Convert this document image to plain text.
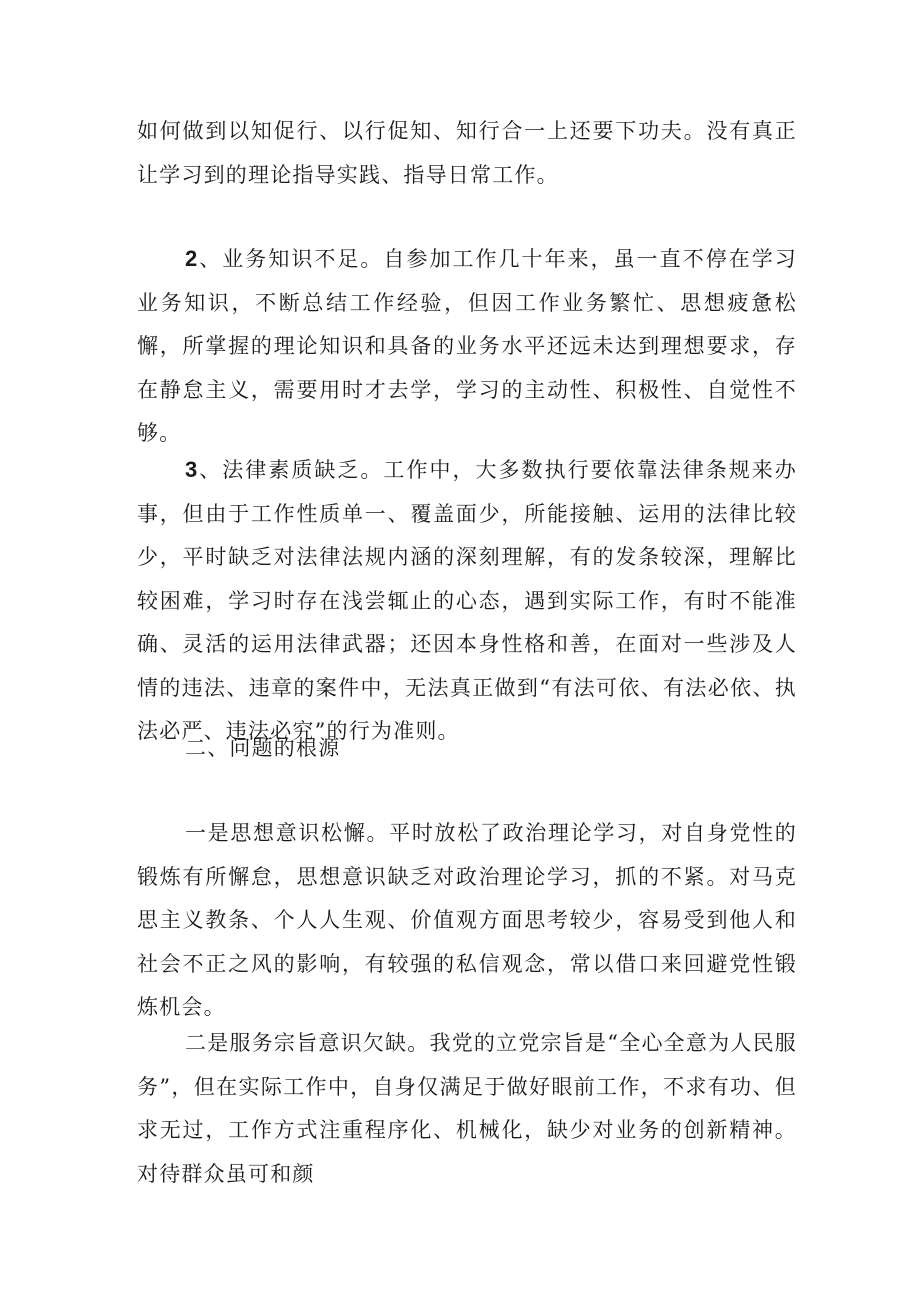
如何做到以知促行、以行促知、知行合一上还要下功夫。没有真正让学习到的理论指导实践、指导日常工作。

2、业务知识不足。自参加工作几十年来，虽一直不停在学习业务知识，不断总结工作经验，但因工作业务繁忙、思想疲惫松懈，所掌握的理论知识和具备的业务水平还远未达到理想要求，存在静怠主义，需要用时才去学，学习的主动性、积极性、自觉性不够。

3、法律素质缺乏。工作中，大多数执行要依靠法律条规来办事，但由于工作性质单一、覆盖面少，所能接触、运用的法律比较少，平时缺乏对法律法规内涵的深刻理解，有的发条较深，理解比较困难，学习时存在浅尝辄止的心态，遇到实际工作，有时不能准确、灵活的运用法律武器；还因本身性格和善，在面对一些涉及人情的违法、违章的案件中，无法真正做到“有法可依、有法必依、执法必严、违法必究”的行为准则。

二、问题的根源

一是思想意识松懈。平时放松了政治理论学习，对自身党性的锻炼有所懈怠，思想意识缺乏对政治理论学习，抓的不紧。对马克思主义教条、个人人生观、价值观方面思考较少，容易受到他人和社会不正之风的影响，有较强的私信观念，常以借口来回避党性锻炼机会。

二是服务宗旨意识欠缺。我党的立党宗旨是“全心全意为人民服务”，但在实际工作中，自身仅满足于做好眼前工作，不求有功、但求无过，工作方式注重程序化、机械化，缺少对业务的创新精神。对待群众虽可和颜
